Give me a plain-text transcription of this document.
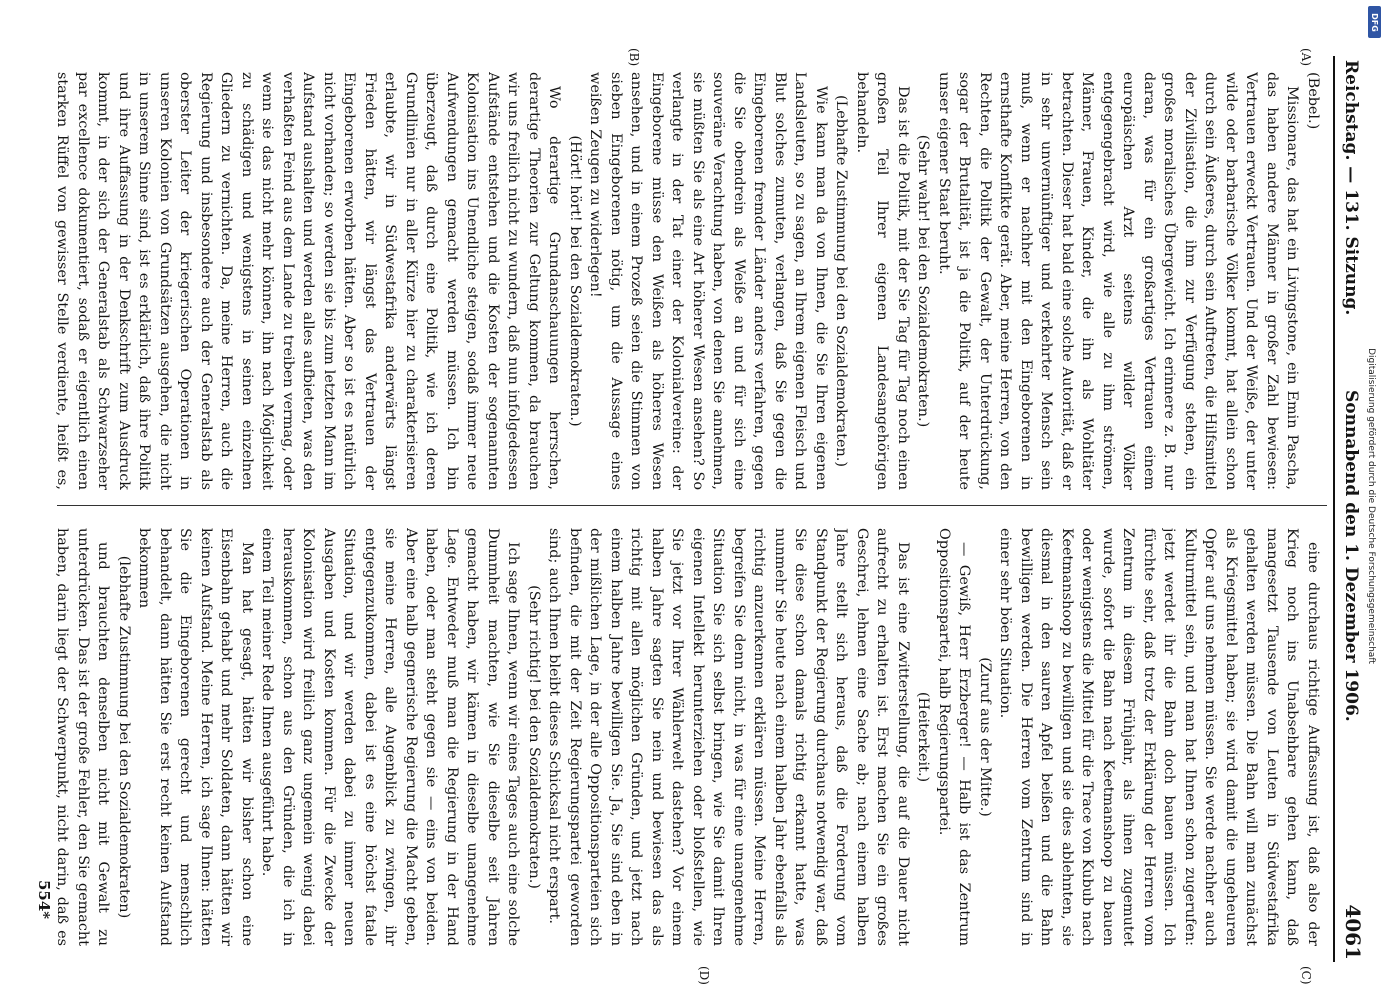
Reichstag. — 131. Sitzung.
Sonnabend den 1. Dezember 1906.
4061
(A)
(B)
(C)
(D)

(Bebel.)

Missionare, das hat ein Livingstone, ein Emin Pascha, das haben andere Männer in großer Zahl bewiesen: Vertrauen erweckt Vertrauen. Und der Weiße, der unter wilde oder barbarische Völker kommt, hat allein schon durch sein Äußeres, durch sein Auftreten, die Hilfsmittel der Zivilisation, die ihm zur Verfügung stehen, ein großes moralisches Übergewicht. Ich erinnere z. B. nur daran, was für ein großartiges Vertrauen einem europäischen Arzt seitens wilder Völker entgegengebracht wird, wie alle zu ihm strömen, Männer, Frauen, Kinder, die ihn als Wohltäter betrachten. Dieser hat bald eine solche Autorität, daß er in sehr unvernünftiger und verkehrter Mensch sein muß, wenn er nachher mit den Eingeborenen in ernsthafte Konflikte gerät. Aber, meine Herren, von den Rechten, die Politik der Gewalt, der Unterdrückung, sogar der Brutalität, ist ja die Politik, auf der heute unser eigener Staat beruht.

(Sehr wahr! bei den Sozialdemokraten.)

Das ist die Politik, mit der Sie Tag für Tag noch einen großen Teil Ihrer eigenen Landesangehörigen behandeln.

(Lebhafte Zustimmung bei den Sozialdemokraten.)

Wie kann man da von Ihnen, die Sie Ihren eigenen Landsleuten, so zu sagen, an Ihrem eigenen Fleisch und Blut solches zumuten, verlangen, daß Sie gegen die Eingeborenen fremder Länder anders verfahren, gegen die Sie obendrein als Weiße an und für sich eine souveräne Verachtung haben, von denen Sie annehmen, sie müßten Sie als eine Art höherer Wesen ansehen? So verlangte in der Tat einer der Kolonialvereine: der Eingeborene müsse den Weißen als höheres Wesen ansehen, und in einem Prozeß seien die Stimmen von sieben Eingeborenen nötig, um die Aussage eines weißen Zeugen zu widerlegen!

(Hört! hört! bei den Sozialdemokraten.)

Wo derartige Grundanschauungen herrschen, derartige Theorien zur Geltung kommen, da brauchen wir uns freilich nicht zu wundern, daß nun infolgedessen Aufstände entstehen und die Kosten der sogenannten Kolonisation ins Unendliche steigen, sodaß immer neue Aufwendungen gemacht werden müssen. Ich bin überzeugt, daß durch eine Politik, wie ich deren Grundlinien nur in aller Kürze hier zu charakterisieren erlaubte, wir in Südwestafrika anderwärts längst Frieden hätten, wir längst das Vertrauen der Eingeborenen erworben hätten. Aber so ist es natürlich nicht vorhanden; so werden sie bis zum letzten Mann im Aufstand aushalten und werden alles aufbieten, was den verhaßten Feind aus dem Lande zu treiben vermag, oder wenn sie das nicht mehr können, ihn nach Möglichkeit zu schädigen und wenigstens in seinen einzelnen Gliedern zu vernichten. Da, meine Herren, auch die Regierung und insbesondere auch der Generalstab als oberster Leiter der kriegerischen Operationen in unseren Kolonien von Grundsätzen ausgehen, die nicht in unserem Sinne sind, ist es erklärlich, daß ihre Politik und ihre Auffassung in der Denkschrift zum Ausdruck kommt, in der sich der Generalstab als Schwarzseher par excellence dokumentiert, sodaß er eigentlich einen starken Rüffel von gewisser Stelle verdiente, heißt es,

eine durchaus richtige Auffassung ist, daß also der Krieg noch ins Unabsehbare gehen kann, daß mangesetzt Tausende von Leuten in Südwestafrika gehalten werden müssen. Die Bahn will man zunächst als Kriegsmittel haben; sie wird damit die ungeheuren Opfer auf uns nehmen müssen. Sie werde nachher auch Kulturmittel sein, und man hat Ihnen schon zugerufen: jetzt werdet ihr die Bahn doch bauen müssen. Ich fürchte sehr, daß trotz der Erklärung der Herren vom Zentrum in diesem Frühjahr, als ihnen zugemutet wurde, sofort die Bahn nach Keetmanshoop zu bauen oder wenigstens die Mittel für die Trace von Kubub nach Keetmanshoop zu bewilligen und sie dies ablehnten, sie diesmal in den sauren Apfel beißen und die Bahn bewilligen werden. Die Herren vom Zentrum sind in einer sehr böen Situation.

(Zuruf aus der Mitte.)

— Gewiß, Herr Erzberger! — Halb ist das Zentrum Oppositionspartei, halb Regierungspartei.

(Heiterkeit.)

Das ist eine Zwitterstellung, die auf die Dauer nicht aufrecht zu erhalten ist. Erst machen Sie ein großes Geschrei, lehnen eine Sache ab; nach einem halben Jahre stellt sich heraus, daß die Forderung vom Standpunkt der Regierung durchaus notwendig war, daß Sie diese schon damals richtig erkannt hatte, was nunmehr Sie heute nach einem halben Jahr ebenfalls als richtig anzuerkennen erklären müssen. Meine Herren, begreifen Sie denn nicht, in was für eine unangenehme Situation Sie sich selbst bringen, wie Sie damit Ihren eigenen Intellekt herunterziehen oder bloßstellen, wie Sie jetzt vor Ihrer Wählerwelt dastehen? Vor einem halben Jahre sagten Sie nein und bewiesen das als richtig mit allen möglichen Gründen, und jetzt nach einem halben Jahre bewilligen Sie. Ja, Sie sind eben in der mißlichen Lage, in der alle Oppositionsparteien sich befinden, die mit der Zeit Regierungspartei geworden sind; auch Ihnen bleibt dieses Schicksal nicht erspart.

(Sehr richtig! bei den Sozialdemokraten.)

Ich sage Ihnen, wenn wir eines Tages auch eine solche Dummheit machten, wie Sie dieselbe seit Jahren gemacht haben, wir kämen in dieselbe unangenehme Lage. Entweder muß man die Regierung in der Hand haben, oder man steht gegen sie — eins von beiden. Aber eine halb gegnerische Regierung die Macht geben, sie meine Herren, alle Augenblick zu zwingen, ihr entgegenzukommen, dabei ist es eine höchst fatale Situation, und wir werden dabei zu immer neuen Ausgaben und Kosten kommen. Für die Zwecke der Kolonisation wird freilich ganz ungemein wenig dabei herauskommen, schon aus den Gründen, die ich in einem Teil meiner Rede Ihnen ausgeführt habe.

Man hat gesagt, hätten wir bisher schon eine Eisenbahn gehabt und mehr Soldaten, dann hätten wir keinen Aufstand. Meine Herren, ich sage Ihnen: hätten Sie die Eingeborenen gerecht und menschlich behandelt, dann hätten Sie erst recht keinen Aufstand bekommen

(lebhafte Zustimmung bei den Sozialdemokraten)

und brauchten denselben nicht mit Gewalt zu unterdrücken. Das ist der große Fehler, den Sie gemacht haben, darin liegt der Schwerpunkt, nicht darin, daß es

554*
DFG
Digitalisierung gefördert durch die Deutsche Forschungsgemeinschaft
